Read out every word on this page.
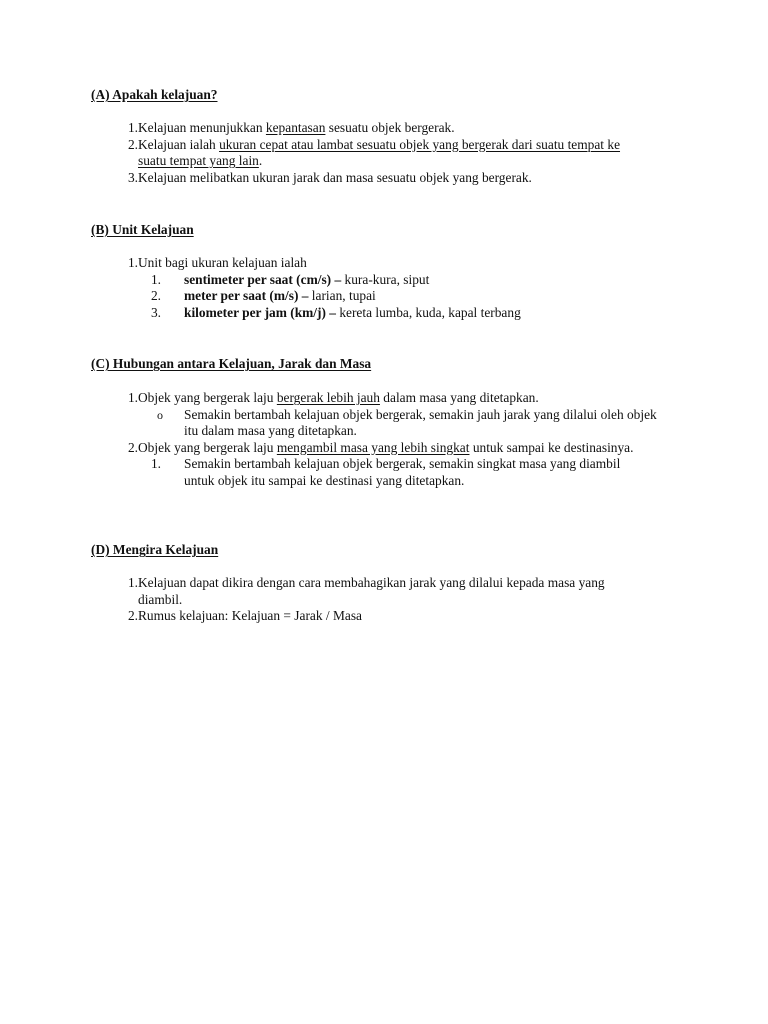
(A) Apakah kelajuan?
1. Kelajuan menunjukkan kepantasan sesuatu objek bergerak.
2. Kelajuan ialah ukuran cepat atau lambat sesuatu objek yang bergerak dari suatu tempat ke suatu tempat yang lain.
3. Kelajuan melibatkan ukuran jarak dan masa sesuatu objek yang bergerak.
(B) Unit Kelajuan
1. Unit bagi ukuran kelajuan ialah
1. sentimeter per saat (cm/s) – kura-kura, siput
2. meter per saat (m/s) – larian, tupai
3. kilometer per jam (km/j) – kereta lumba, kuda, kapal terbang
(C) Hubungan antara Kelajuan, Jarak dan Masa
1. Objek yang bergerak laju bergerak lebih jauh dalam masa yang ditetapkan.
o Semakin bertambah kelajuan objek bergerak, semakin jauh jarak yang dilalui oleh objek itu dalam masa yang ditetapkan.
2. Objek yang bergerak laju mengambil masa yang lebih singkat untuk sampai ke destinasinya.
1. Semakin bertambah kelajuan objek bergerak, semakin singkat masa yang diambil untuk objek itu sampai ke destinasi yang ditetapkan.
(D) Mengira Kelajuan
1. Kelajuan dapat dikira dengan cara membahagikan jarak yang dilalui kepada masa yang diambil.
2. Rumus kelajuan: Kelajuan = Jarak / Masa
